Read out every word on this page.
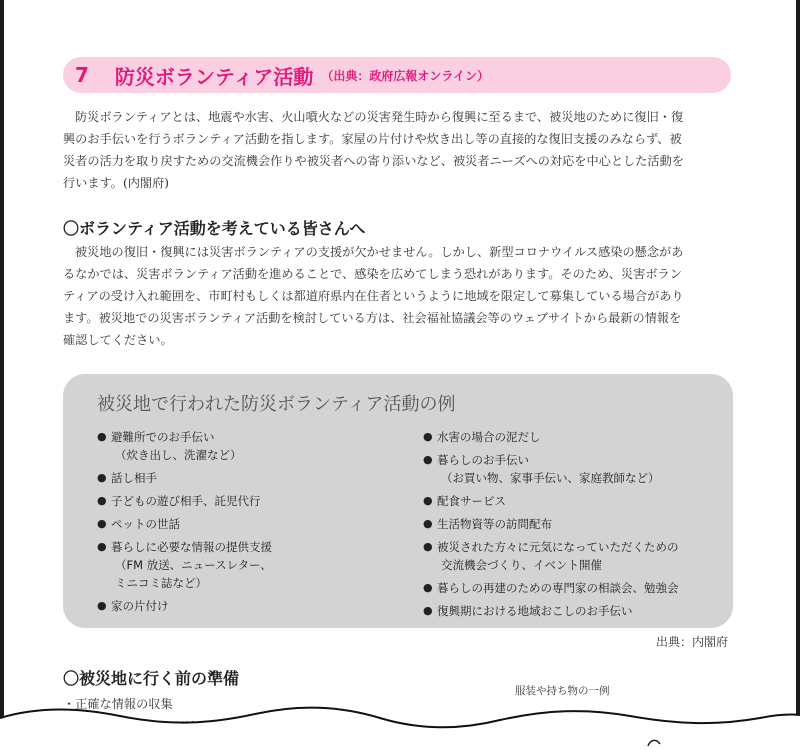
7 防災ボランティア活動 （出典：政府広報オンライン）
防災ボランティアとは、地震や水害、火山噴火などの災害発生時から復興に至るまで、被災地のために復旧・復
興のお手伝いを行うボランティア活動を指します。家屋の片付けや炊き出し等の直接的な復旧支援のみならず、被
災者の活力を取り戻すための交流機会作りや被災者への寄り添いなど、被災者ニーズへの対応を中心とした活動を
行います。(内閣府)
〇ボランティア活動を考えている皆さんへ
被災地の復旧・復興には災害ボランティアの支援が欠かせません。しかし、新型コロナウイルス感染の懸念があ
るなかでは、災害ボランティア活動を進めることで、感染を広めてしまう恐れがあります。そのため、災害ボラン
ティアの受け入れ範囲を、市町村もしくは都道府県内在住者というように地域を限定して募集している場合があり
ます。被災地での災害ボランティア活動を検討している方は、社会福祉協議会等のウェブサイトから最新の情報を
確認してください。
被災地で行われた防災ボランティア活動の例
● 避難所でのお手伝い
（炊き出し、洗濯など）
● 話し相手
● 子どもの遊び相手、託児代行
● ペットの世話
● 暮らしに必要な情報の提供支援
（FM 放送、ニュースレター、
ミニコミ誌など）
● 家の片付け
● 水害の場合の泥だし
● 暮らしのお手伝い
（お買い物、家事手伝い、家庭教師など）
● 配食サービス
● 生活物資等の訪問配布
● 被災された方々に元気になっていただくための
交流機会づくり、イベント開催
● 暮らしの再建のための専門家の相談会、勉強会
● 復興期における地域おこしのお手伝い
出典：内閣府
〇被災地に行く前の準備
・正確な情報の収集
服装や持ち物の一例
